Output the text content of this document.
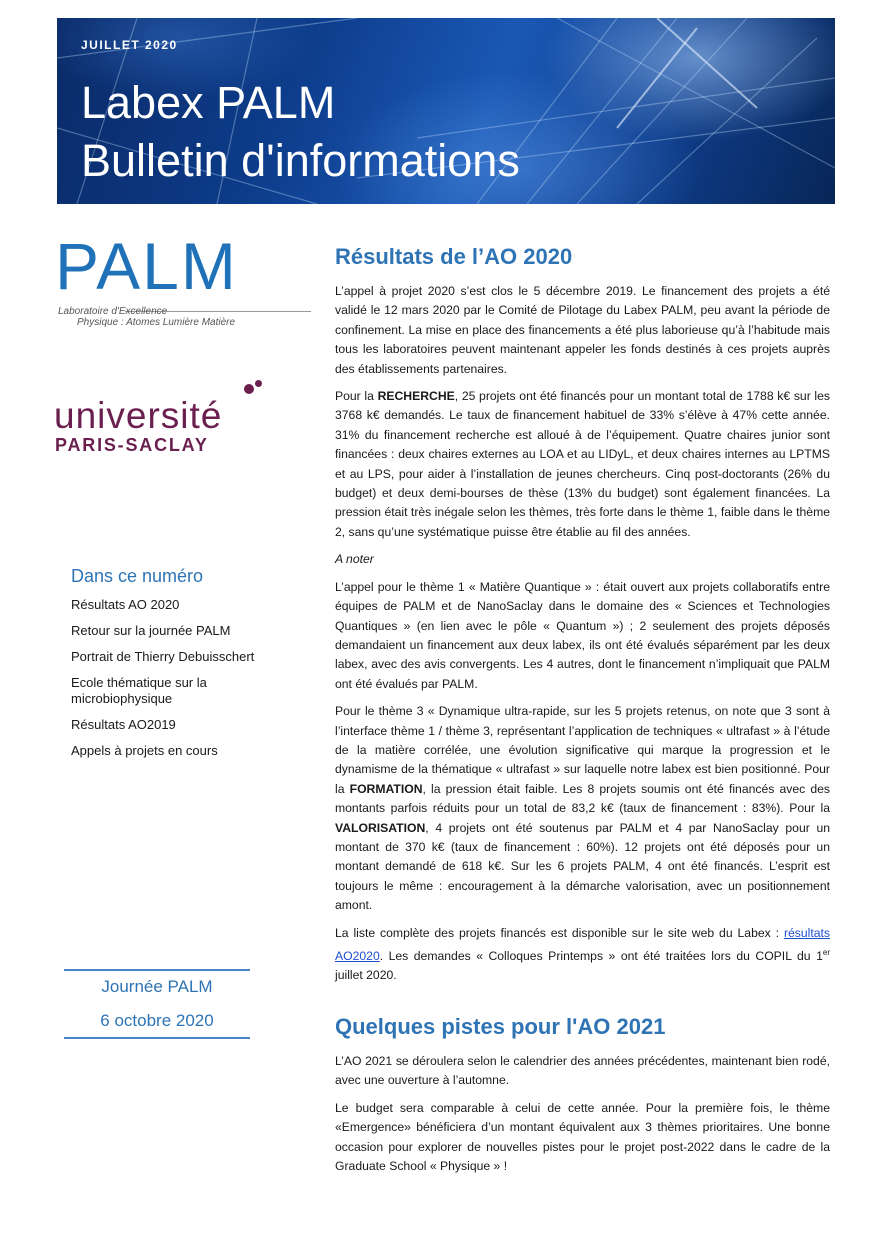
JUILLET 2020
Labex PALM
Bulletin d'informations
PALM
Laboratoire d'Excellence
Physique : Atomes Lumière Matière
université
PARIS-SACLAY
Dans ce numéro
Résultats AO 2020
Retour sur la journée PALM
Portrait de Thierry Debuisschert
Ecole thématique sur la microbiophysique
Résultats AO2019
Appels à projets en cours
Journée PALM
6 octobre 2020
Résultats de l’AO 2020

L’appel à projet 2020 s’est clos le 5 décembre 2019. Le financement des projets a été validé le 12 mars 2020 par le Comité de Pilotage du Labex PALM, peu avant la période de confinement. La mise en place des financements a été plus laborieuse qu’à l’habitude mais tous les laboratoires peuvent maintenant appeler les fonds destinés à ces projets auprès des établissements partenaires.

Pour la RECHERCHE, 25 projets ont été financés pour un montant total de 1788 k€ sur les 3768 k€ demandés. Le taux de financement habituel de 33% s’élève à 47% cette année. 31% du financement recherche est alloué à de l’équipement. Quatre chaires junior sont financées : deux chaires externes au LOA et au LIDyL, et deux chaires internes au LPTMS et au LPS, pour aider à l’installation de jeunes chercheurs. Cinq post-doctorants (26% du budget) et deux demi-bourses de thèse (13% du budget) sont également financées. La pression était très inégale selon les thèmes, très forte dans le thème 1, faible dans le thème 2, sans qu’une systématique puisse être établie au fil des années.

A noter

L’appel pour le thème 1 « Matière Quantique » : était ouvert aux projets collaboratifs entre équipes de PALM et de NanoSaclay dans le domaine des « Sciences et Technologies Quantiques » (en lien avec le pôle « Quantum ») ; 2 seulement des projets déposés demandaient un financement aux deux labex, ils ont été évalués séparément par les deux labex, avec des avis convergents. Les 4 autres, dont le financement n’impliquait que PALM ont été évalués par PALM.

Pour le thème 3 « Dynamique ultra-rapide, sur les 5 projets retenus, on note que 3 sont à l’interface thème 1 / thème 3, représentant l’application de techniques « ultrafast » à l’étude de la matière corrélée, une évolution significative qui marque la progression et le dynamisme de la thématique « ultrafast » sur laquelle notre labex est bien positionné. Pour la FORMATION, la pression était faible. Les 8 projets soumis ont été financés avec des montants parfois réduits pour un total de 83,2 k€ (taux de financement : 83%). Pour la VALORISATION, 4 projets ont été soutenus par PALM et 4 par NanoSaclay pour un montant de 370 k€ (taux de financement : 60%). 12 projets ont été déposés pour un montant demandé de 618 k€. Sur les 6 projets PALM, 4 ont été financés. L’esprit est toujours le même : encouragement à la démarche valorisation, avec un positionnement amont.

La liste complète des projets financés est disponible sur le site web du Labex : résultats AO2020. Les demandes « Colloques Printemps » ont été traitées lors du COPIL du 1er juillet 2020.

Quelques pistes pour l'AO 2021

L’AO 2021 se déroulera selon le calendrier des années précédentes, maintenant bien rodé, avec une ouverture à l’automne.

Le budget sera comparable à celui de cette année. Pour la première fois, le thème «Emergence» bénéficiera d’un montant équivalent aux 3 thèmes prioritaires. Une bonne occasion pour explorer de nouvelles pistes pour le projet post-2022 dans le cadre de la Graduate School « Physique » !
